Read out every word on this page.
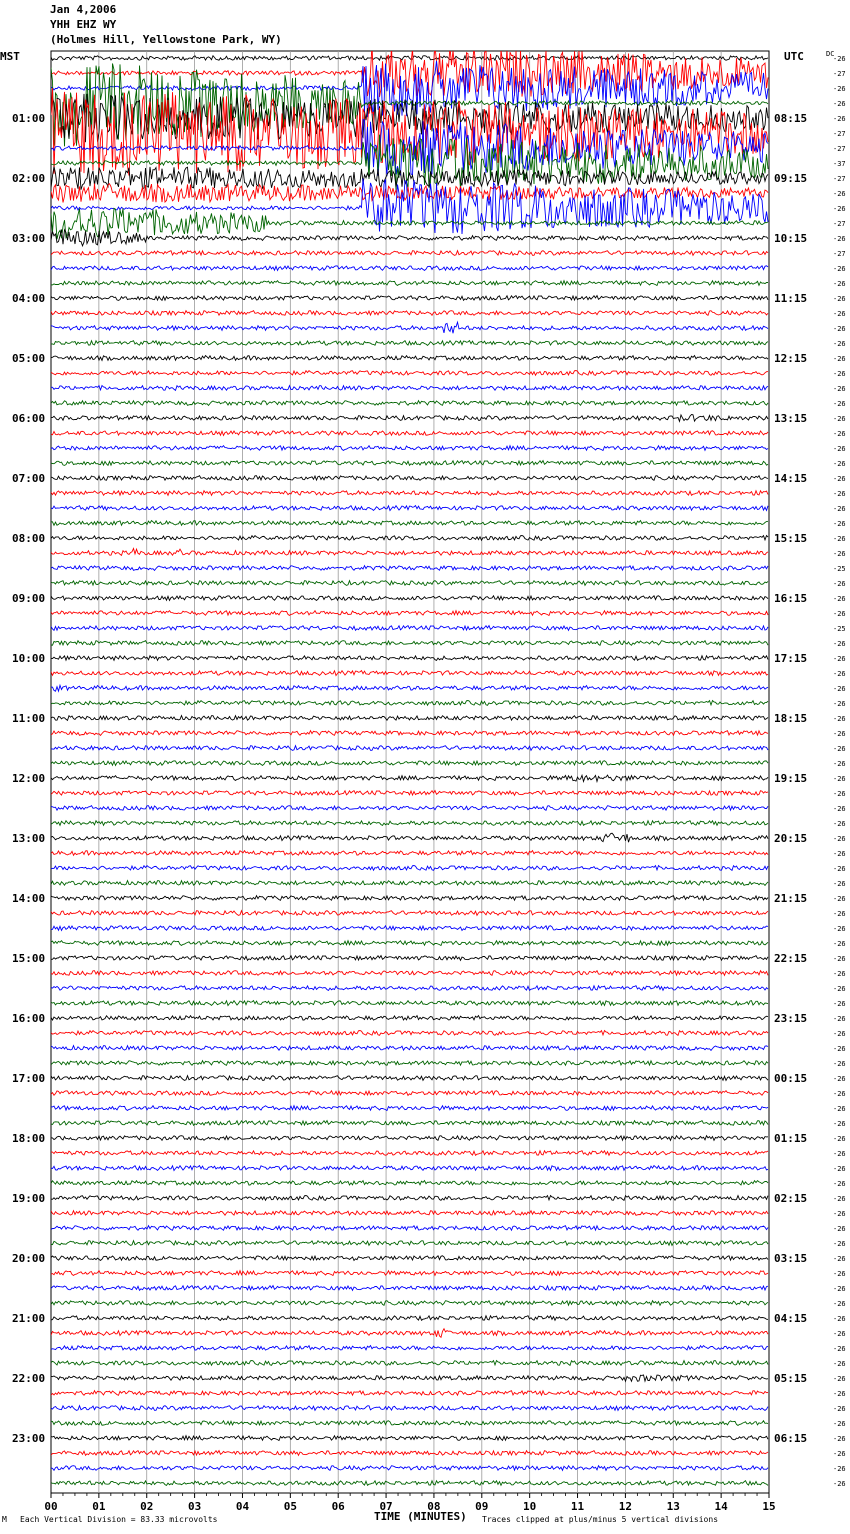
Jan 4,2006
YHH EHZ WY
(Holmes Hill, Yellowstone Park, WY)
MST	UTC
01:00
02:00
03:00
04:00
05:00
06:00
07:00
08:00
09:00
10:00
11:00
12:00
13:00
14:00
15:00
16:00
17:00
18:00
19:00
20:00
21:00
22:00
23:00
08:15
09:15
10:15
11:15
12:15
13:15
14:15
15:15
16:15
17:15
18:15
19:15
20:15
21:15
22:15
23:15
00:15
01:15
02:15
03:15
04:15
05:15
06:15
DC
-26
-27
-26
-26
-26
-27
-27
-37
-27
-26
-26
-27
-26
-27
-26
-26
-26
-26
-26
-26
-26
-26
-26
-26
-26
-26
-26
-26
-26
-26
-26
-26
-26
-26
-25
-26
-26
-26
-25
-26
-26
-26
-26
-26
-26
-26
-26
-26
-26
-26
-26
-26
-26
-26
-26
-26
-26
-26
-26
-26
-26
-26
-26
-26
-26
-26
-26
-26
-26
-26
-26
-26
-26
-26
-26
-26
-26
-26
-26
-26
-26
-26
-26
-26
-26
-26
-26
-26
-26
-26
-26
-26
-26
-26
-26
-26
00	01	02	03	04	05	06	07	08	09	10	11	12	13	14	15
TIME (MINUTES)
M Each Vertical Division = 83.33 microvolts	Traces clipped at plus/minus 5 vertical divisions
